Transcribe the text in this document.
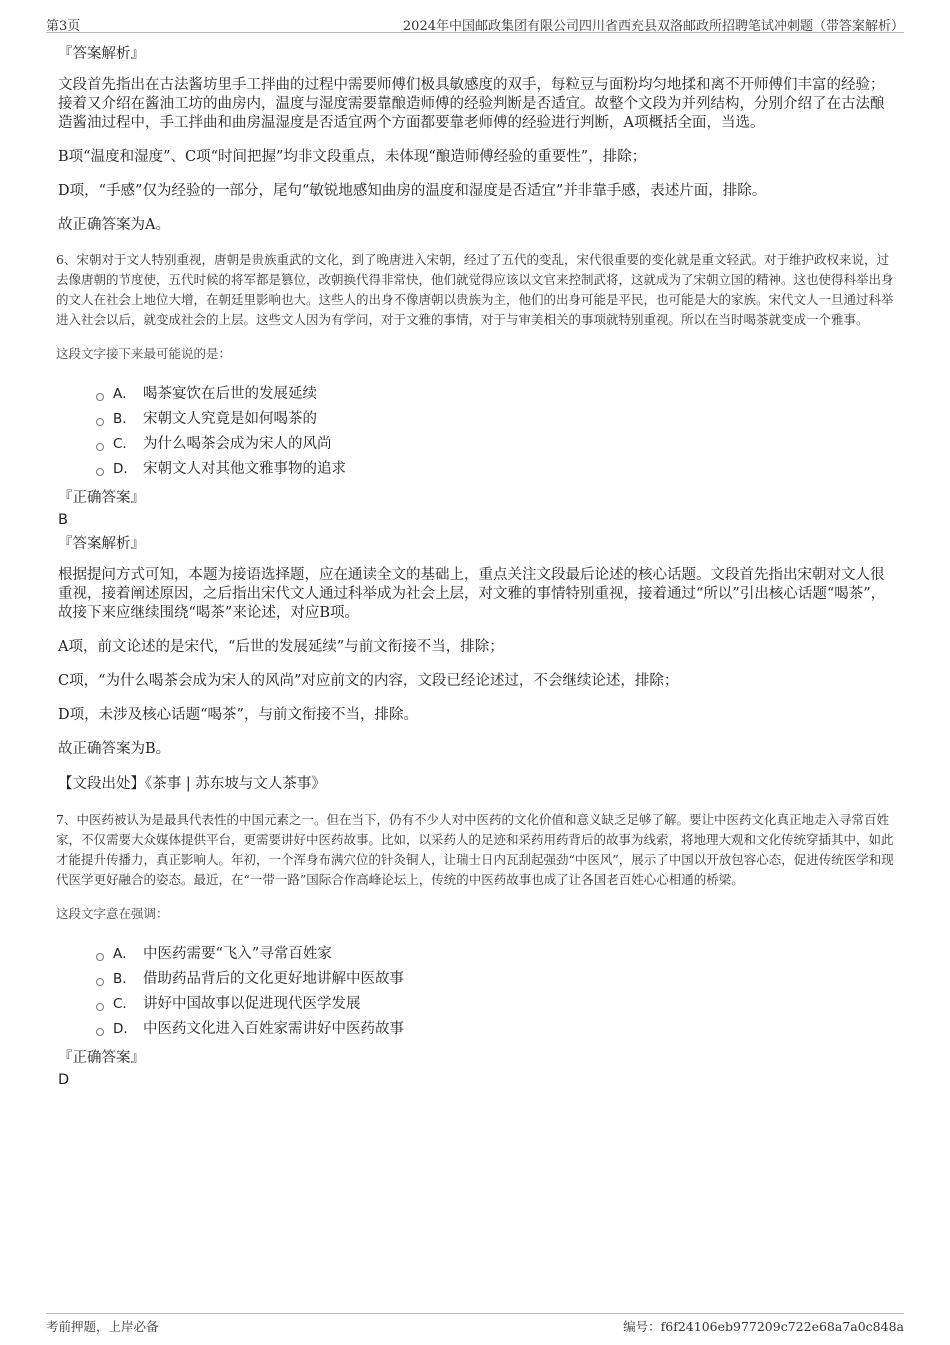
第3页	2024年中国邮政集团有限公司四川省西充县双洛邮政所招聘笔试冲刺题（带答案解析）
『答案解析』

文段首先指出在古法酱坊里手工拌曲的过程中需要师傅们极具敏感度的双手，每粒豆与面粉均匀地揉和离不开师傅们丰富的经验；接着又介绍在酱油工坊的曲房内，温度与湿度需要靠酿造师傅的经验判断是否适宜。故整个文段为并列结构，分别介绍了在古法酿造酱油过程中，手工拌曲和曲房温湿度是否适宜两个方面都要靠老师傅的经验进行判断，A项概括全面，当选。

B项“温度和湿度”、C项“时间把握”均非文段重点，未体现“酿造师傅经验的重要性”，排除；

D项，“手感”仅为经验的一部分，尾句“敏锐地感知曲房的温度和湿度是否适宜”并非靠手感，表述片面，排除。

故正确答案为A。

6、宋朝对于文人特别重视，唐朝是贵族重武的文化，到了晚唐进入宋朝，经过了五代的变乱，宋代很重要的变化就是重文轻武。对于维护政权来说，过去像唐朝的节度使，五代时候的将军都是篡位，改朝换代得非常快，他们就觉得应该以文官来控制武将，这就成为了宋朝立国的精神。这也使得科举出身的文人在社会上地位大增，在朝廷里影响也大。这些人的出身不像唐朝以贵族为主，他们的出身可能是平民，也可能是大的家族。宋代文人一旦通过科举进入社会以后，就变成社会的上层。这些文人因为有学问，对于文雅的事情，对于与审美相关的事项就特别重视。所以在当时喝茶就变成一个雅事。

这段文字接下来最可能说的是：

A． 喝茶宴饮在后世的发展延续
B． 宋朝文人究竟是如何喝茶的
C． 为什么喝茶会成为宋人的风尚
D． 宋朝文人对其他文雅事物的追求
『正确答案』
B
『答案解析』

根据提问方式可知，本题为接语选择题，应在通读全文的基础上，重点关注文段最后论述的核心话题。文段首先指出宋朝对文人很重视，接着阐述原因，之后指出宋代文人通过科举成为社会上层，对文雅的事情特别重视，接着通过“所以”引出核心话题“喝茶”，故接下来应继续围绕“喝茶”来论述，对应B项。

A项，前文论述的是宋代，“后世的发展延续”与前文衔接不当，排除；

C项，“为什么喝茶会成为宋人的风尚”对应前文的内容，文段已经论述过，不会继续论述，排除；

D项，未涉及核心话题“喝茶”，与前文衔接不当，排除。

故正确答案为B。

【文段出处】《茶事 | 苏东坡与文人茶事》

7、中医药被认为是最具代表性的中国元素之一。但在当下，仍有不少人对中医药的文化价值和意义缺乏足够了解。要让中医药文化真正地走入寻常百姓家，不仅需要大众媒体提供平台，更需要讲好中医药故事。比如，以采药人的足迹和采药用药背后的故事为线索，将地理大观和文化传统穿插其中，如此才能提升传播力，真正影响人。年初，一个浑身布满穴位的针灸铜人，让瑞士日内瓦刮起强劲“中医风”，展示了中国以开放包容心态，促进传统医学和现代医学更好融合的姿态。最近，在“一带一路”国际合作高峰论坛上，传统的中医药故事也成了让各国老百姓心心相通的桥梁。

这段文字意在强调：

A． 中医药需要“飞入”寻常百姓家
B． 借助药品背后的文化更好地讲解中医故事
C． 讲好中国故事以促进现代医学发展
D． 中医药文化进入百姓家需讲好中医药故事
『正确答案』
D
考前押题，上岸必备	编号：f6f24106eb977209c722e68a7a0c848a
